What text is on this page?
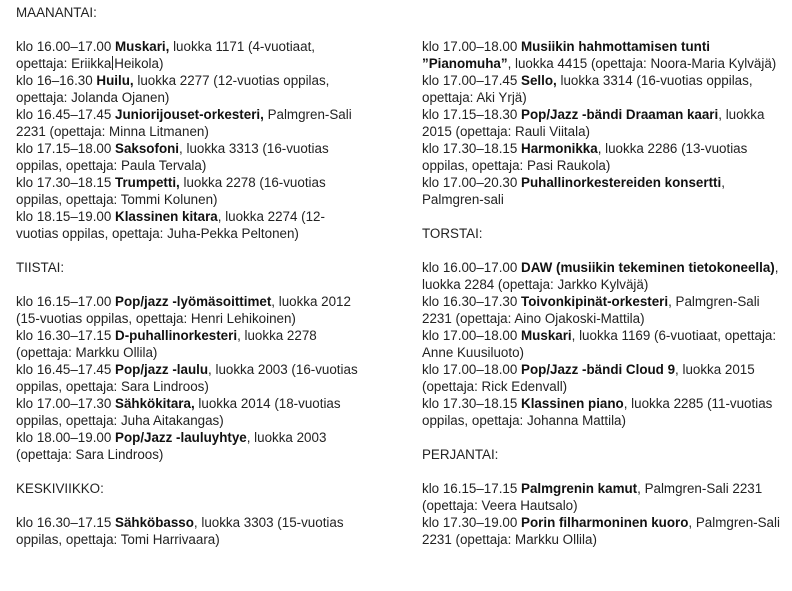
MAANANTAI:

klo 16.00–17.00 Muskari, luokka 1171 (4-vuotiaat, opettaja: Eriikka Heikola)

klo 16–16.30 Huilu, luokka 2277 (12-vuotias oppilas, opettaja: Jolanda Ojanen)

klo 16.45–17.45 Juniorijouset-orkesteri, Palmgren-Sali 2231 (opettaja: Minna Litmanen)

klo 17.15–18.00 Saksofoni, luokka 3313 (16-vuotias oppilas, opettaja: Paula Tervala)

klo 17.30–18.15 Trumpetti, luokka 2278 (16-vuotias oppilas, opettaja: Tommi Kolunen)

klo 18.15–19.00 Klassinen kitara, luokka 2274 (12-vuotias oppilas, opettaja: Juha-Pekka Peltonen)

TIISTAI:

klo 16.15–17.00 Pop/jazz -lyömäsoittimet, luokka 2012 (15-vuotias oppilas, opettaja: Henri Lehikoinen)

klo 16.30–17.15 D-puhallinorkesteri, luokka 2278 (opettaja: Markku Ollila)

klo 16.45–17.45 Pop/jazz -laulu, luokka 2003 (16-vuotias oppilas, opettaja: Sara Lindroos)

klo 17.00–17.30 Sähkökitara, luokka 2014 (18-vuotias oppilas, opettaja: Juha Aitakangas)

klo 18.00–19.00 Pop/Jazz -lauluyhtye, luokka 2003 (opettaja: Sara Lindroos)

KESKIVIIKKO:

klo 16.30–17.15 Sähköbasso, luokka 3303 (15-vuotias oppilas, opettaja: Tomi Harrivaara)

klo 17.00–18.00 Musiikin hahmottamisen tunti ”Pianomuha”, luokka 4415 (opettaja: Noora-Maria Kylväjä)

klo 17.00–17.45 Sello, luokka 3314 (16-vuotias oppilas, opettaja: Aki Yrjä)

klo 17.15–18.30 Pop/Jazz -bändi Draaman kaari, luokka 2015 (opettaja: Rauli Viitala)

klo 17.30–18.15 Harmonikka, luokka 2286 (13-vuotias oppilas, opettaja: Pasi Raukola)

klo 17.00–20.30 Puhallinorkestereiden konsertti, Palmgren-sali

TORSTAI:

klo 16.00–17.00 DAW (musiikin tekeminen tietokoneella), luokka 2284 (opettaja: Jarkko Kylväjä)

klo 16.30–17.30 Toivonkipinät-orkesteri, Palmgren-Sali 2231 (opettaja: Aino Ojakoski-Mattila)

klo 17.00–18.00 Muskari, luokka 1169 (6-vuotiaat, opettaja: Anne Kuusiluoto)

klo 17.00–18.00 Pop/Jazz -bändi Cloud 9, luokka 2015 (opettaja: Rick Edenvall)

klo 17.30–18.15 Klassinen piano, luokka 2285 (11-vuotias oppilas, opettaja: Johanna Mattila)

PERJANTAI:

klo 16.15–17.15 Palmgrenin kamut, Palmgren-Sali 2231 (opettaja: Veera Hautsalo)

klo 17.30–19.00 Porin filharmoninen kuoro, Palmgren-Sali 2231 (opettaja: Markku Ollila)
